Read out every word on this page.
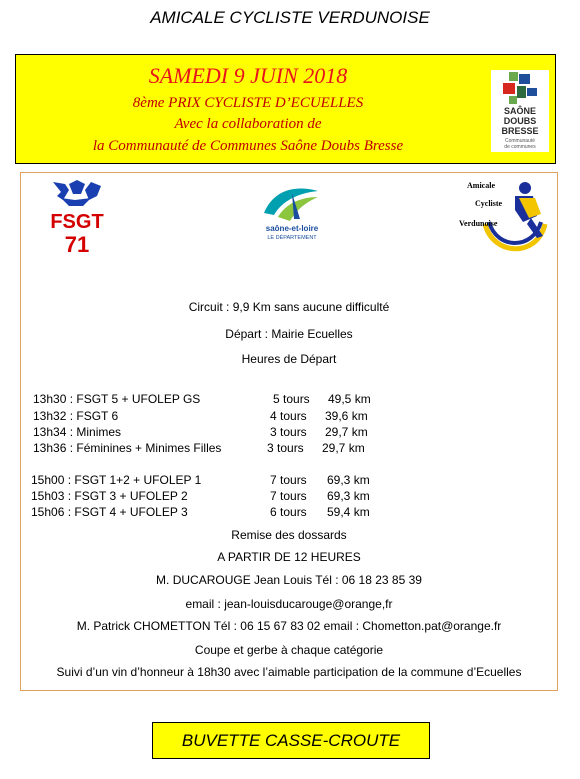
AMICALE CYCLISTE VERDUNOISE
SAMEDI 9 JUIN 2018
8ème PRIX CYCLISTE D’ECUELLES
Avec la collaboration de
la Communauté de Communes Saône Doubs Bresse
SAÔNE
DOUBS
BRESSE
Communauté
de communes
FSGT
71
saône-et-loire
LE DÉPARTEMENT
Amicale
Cycliste
Verdunoise
Circuit : 9,9 Km sans aucune difficulté
Départ : Mairie Ecuelles
Heures de Départ
13h30 : FSGT 5 + UFOLEP GS	5 tours 49,5 km
13h32 : FSGT 6	4 tours 39,6 km
13h34 : Minimes	3 tours 29,7 km
13h36 : Féminines + Minimes Filles	3 tours 29,7 km
15h00 : FSGT 1+2 + UFOLEP 1	7 tours 69,3 km
15h03 : FSGT 3 + UFOLEP 2	7 tours 69,3 km
15h06 : FSGT 4 + UFOLEP 3	6 tours 59,4 km
Remise des dossards
A PARTIR DE 12 HEURES
M. DUCAROUGE Jean Louis Tél : 06 18 23 85 39
email : jean-louisducarouge@orange,fr
M. Patrick CHOMETTON Tél : 06 15 67 83 02 email : Chometton.pat@orange.fr
Coupe et gerbe à chaque catégorie
Suivi d’un vin d’honneur à 18h30 avec l’aimable participation de la commune d’Ecuelles
BUVETTE CASSE-CROUTE
